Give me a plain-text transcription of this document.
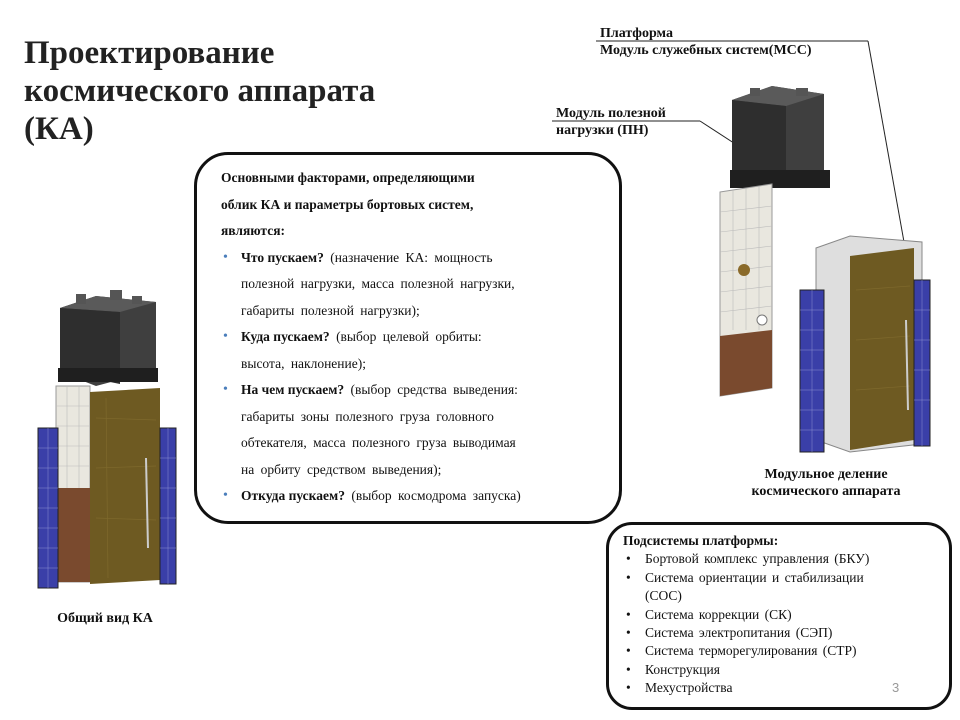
Проектирование
космического аппарата
(КА)
Платформа
Модуль служебных систем(МСС)
Модуль полезной
нагрузки (ПН)
Основными факторами, определяющими
облик КА и параметры бортовых систем,
являются:
• Что пускаем? (назначение КА: мощность
полезной нагрузки, масса полезной нагрузки,
габариты полезной нагрузки);
• Куда пускаем? (выбор целевой орбиты:
высота, наклонение);
• На чем пускаем? (выбор средства выведения:
габариты зоны полезного груза головного
обтекателя, масса полезного груза выводимая
на орбиту средством выведения);
• Откуда пускаем? (выбор космодрома запуска)
Общий вид КА
Модульное деление
космического аппарата
Подсистемы платформы:
• Бортовой комплекс управления (БКУ)
• Система ориентации и стабилизации
(СОС)
• Система коррекции (СК)
• Система электропитания (СЭП)
• Система терморегулирования (СТР)
• Конструкция
• Мехустройства	3
